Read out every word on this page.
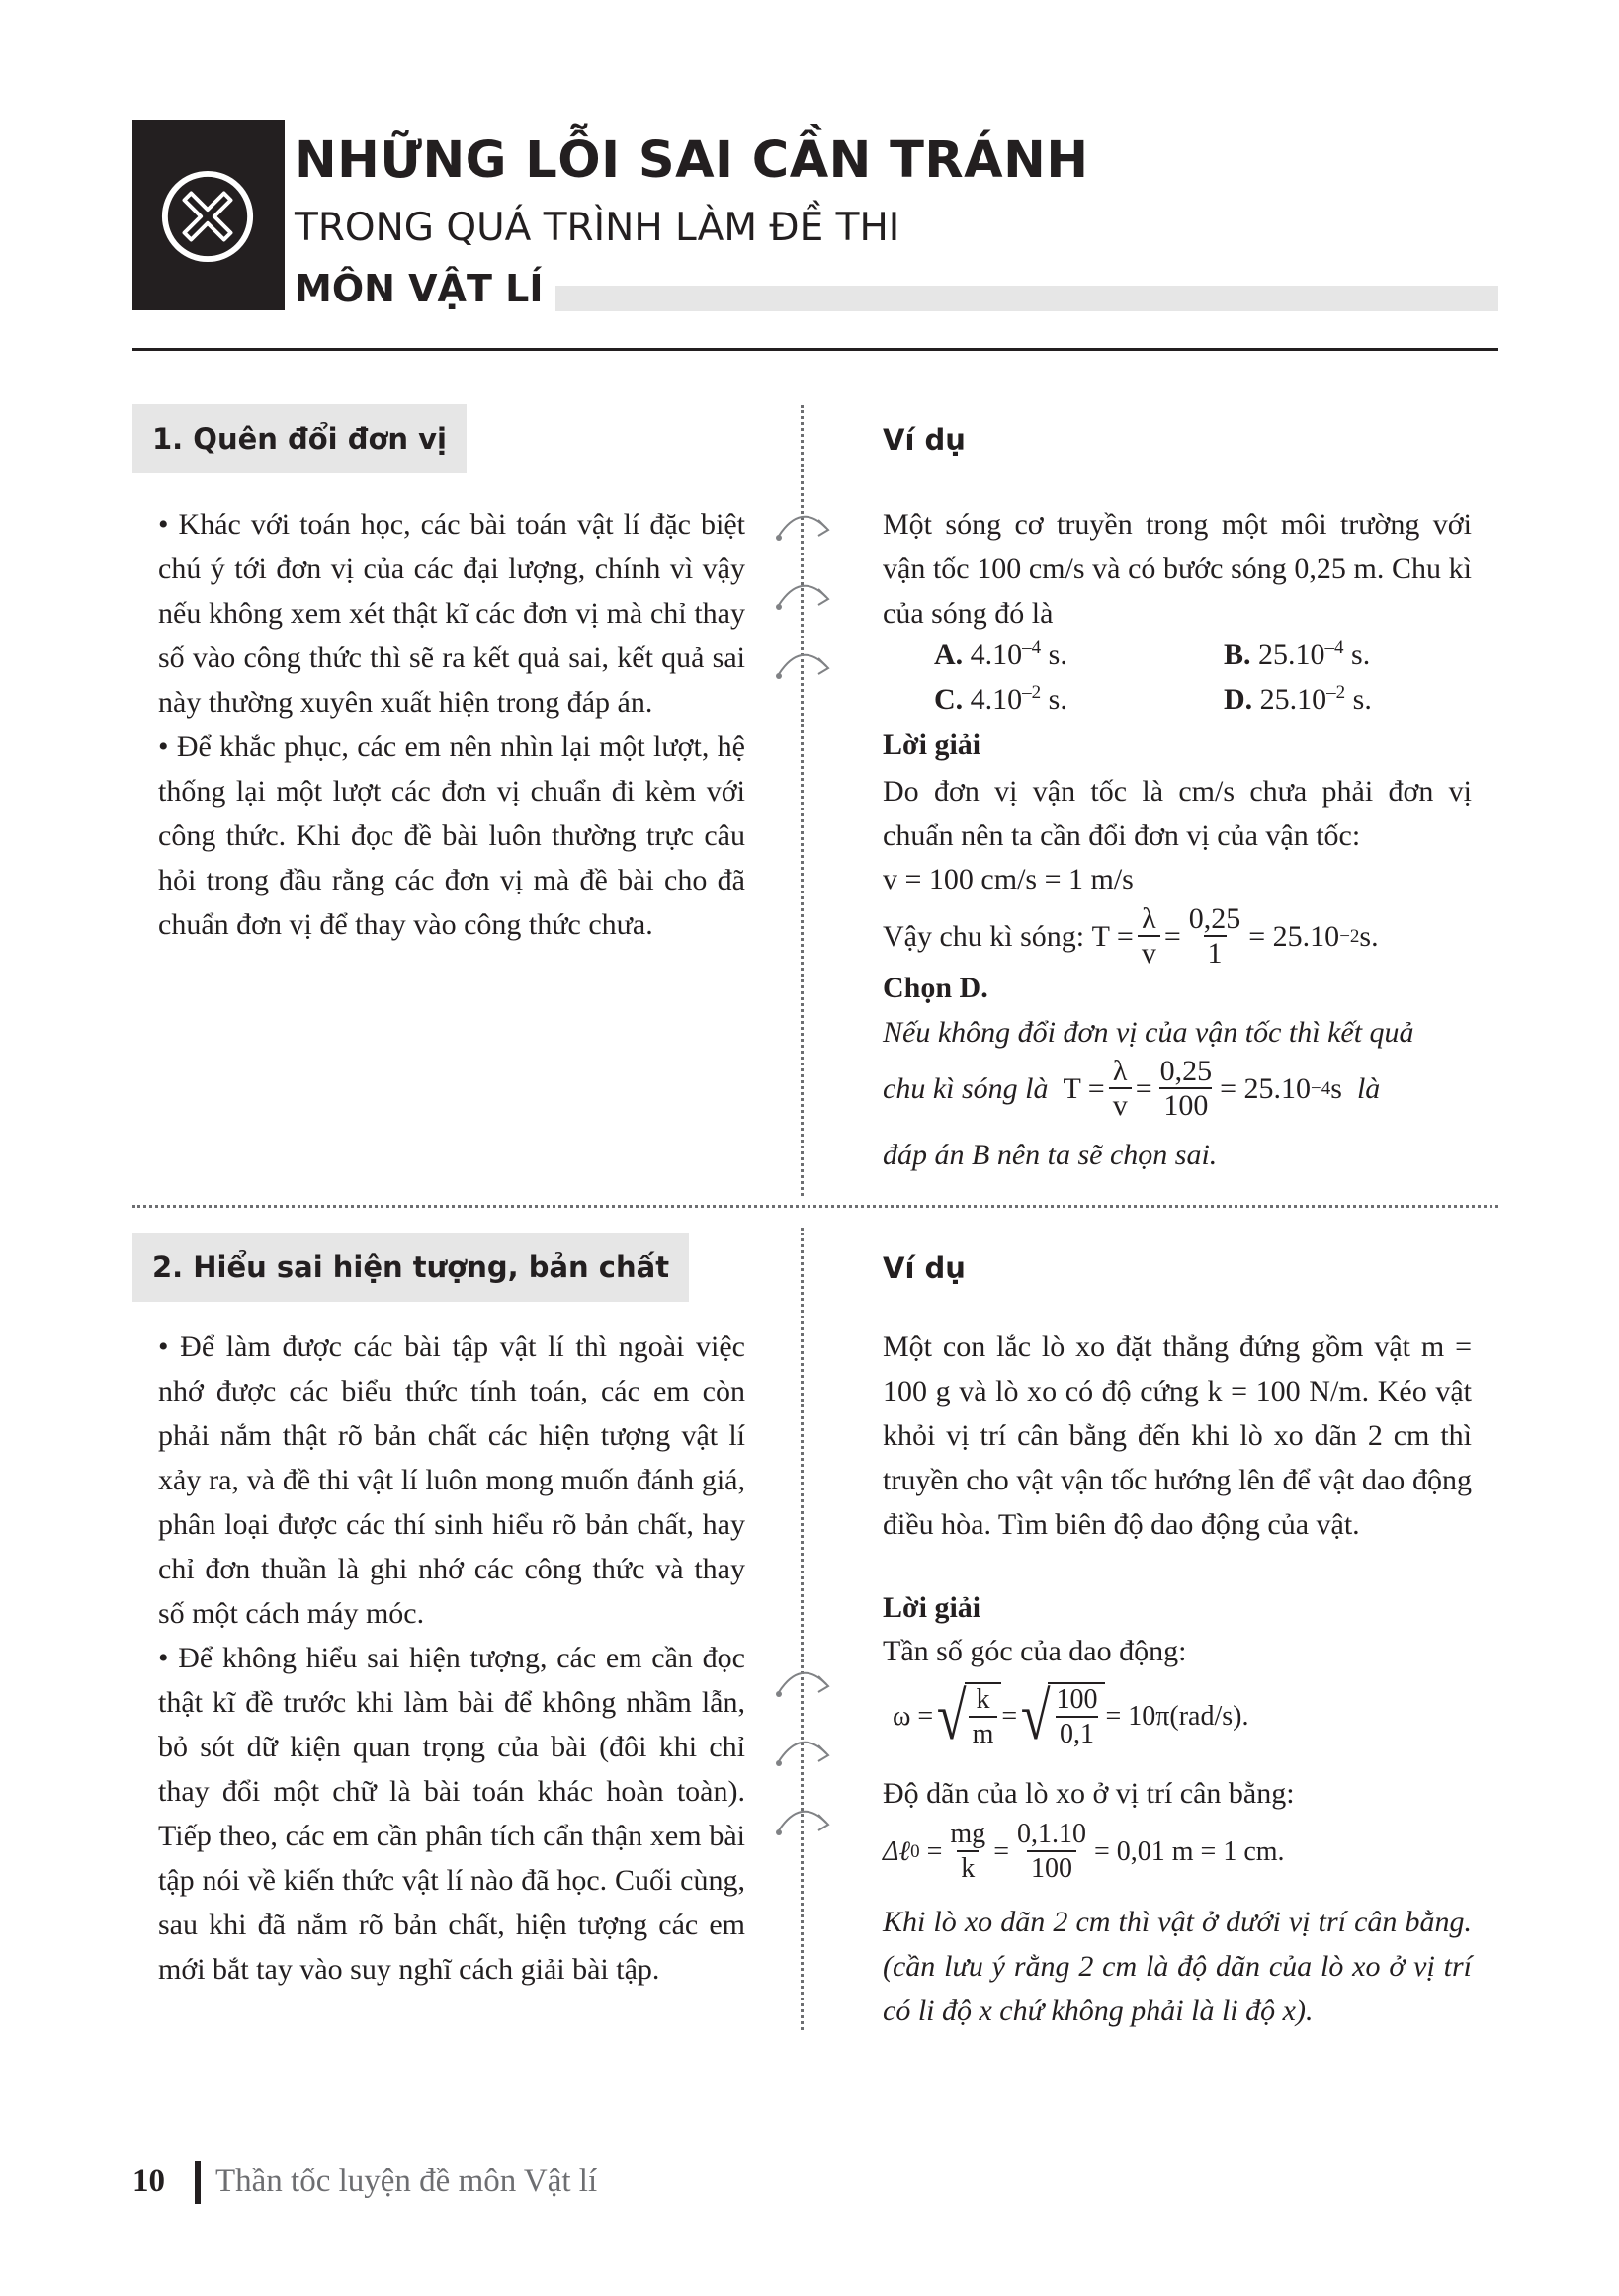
NHỮNG LỖI SAI CẦN TRÁNH
TRONG QUÁ TRÌNH LÀM ĐỀ THI
MÔN VẬT LÍ
1. Quên đổi đơn vị

• Khác với toán học, các bài toán vật lí đặc biệt chú ý tới đơn vị của các đại lượng, chính vì vậy nếu không xem xét thật kĩ các đơn vị mà chỉ thay số vào công thức thì sẽ ra kết quả sai, kết quả sai này thường xuyên xuất hiện trong đáp án.

• Để khắc phục, các em nên nhìn lại một lượt, hệ thống lại một lượt các đơn vị chuẩn đi kèm với công thức. Khi đọc đề bài luôn thường trực câu hỏi trong đầu rằng các đơn vị mà đề bài cho đã chuẩn đơn vị để thay vào công thức chưa.

Ví dụ
Một sóng cơ truyền trong một môi trường với vận tốc 100 cm/s và có bước sóng 0,25 m. Chu kì của sóng đó là
A. $4.10^{-4}$ s.	B. $25.10^{-4}$ s.
C. $4.10^{-2}$ s.	D. $25.10^{-2}$ s.
Lời giải
Do đơn vị vận tốc là cm/s chưa phải đơn vị chuẩn nên ta cần đổi đơn vị của vận tốc:
v = 100 cm/s = 1 m/s
Vậy chu kì sóng:
$T = \frac{\lambda}{v} = \frac{0,25}{1} = 25.10 -2$ s.
Chọn D.
Nếu không đổi đơn vị của vận tốc thì kết quả
chu kì sóng là
$T = \frac{\lambda}{v} = \frac{0,25}{100} = 25.10 -4$ s
là
đáp án B nên ta sẽ chọn sai.
2. Hiểu sai hiện tượng, bản chất

• Để làm được các bài tập vật lí thì ngoài việc nhớ được các biểu thức tính toán, các em còn phải nắm thật rõ bản chất các hiện tượng vật lí xảy ra, và đề thi vật lí luôn mong muốn đánh giá, phân loại được các thí sinh hiểu rõ bản chất, hay chỉ đơn thuần là ghi nhớ các công thức và thay số một cách máy móc.

• Để không hiểu sai hiện tượng, các em cần đọc thật kĩ đề trước khi làm bài để không nhầm lẫn, bỏ sót dữ kiện quan trọng của bài (đôi khi chỉ thay đổi một chữ là bài toán khác hoàn toàn). Tiếp theo, các em cần phân tích cẩn thận xem bài tập nói về kiến thức vật lí nào đã học. Cuối cùng, sau khi đã nắm rõ bản chất, hiện tượng các em mới bắt tay vào suy nghĩ cách giải bài tập.

Ví dụ
Một con lắc lò xo đặt thẳng đứng gồm vật m = 100 g và lò xo có độ cứng k = 100 N/m. Kéo vật khỏi vị trí cân bằng đến khi lò xo dãn 2 cm thì truyền cho vật vận tốc hướng lên để vật dao động điều hòa. Tìm biên độ dao động của vật.
Lời giải
Tần số góc của dao động:
ω = √ $\frac{k}{m}$ = √ $\frac{100}{0,1} = 10\pi(rad/s)$.
Độ dãn của lò xo ở vị trí cân bằng:
Δℓ $0 = \frac{mg}{k} = \frac{0,1.10}{100} = 0,01$ m = 1 cm.
Khi lò xo dãn 2 cm thì vật ở dưới vị trí cân bằng. (cần lưu ý rằng 2 cm là độ dãn của lò xo ở vị trí có li độ x chứ không phải là li độ x).
10 Thần tốc luyện đề môn Vật lí
